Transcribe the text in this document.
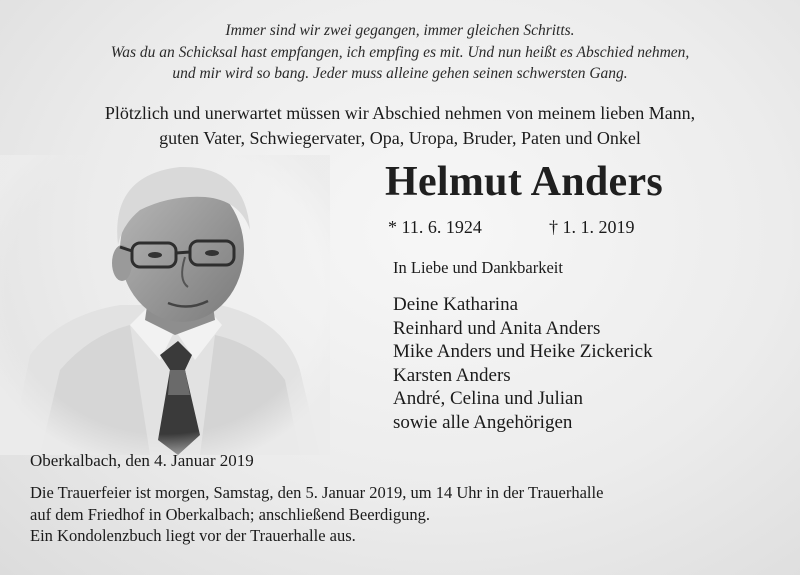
Immer sind wir zwei gegangen, immer gleichen Schritts.
Was du an Schicksal hast empfangen, ich empfing es mit. Und nun heißt es Abschied nehmen,
und mir wird so bang. Jeder muss alleine gehen seinen schwersten Gang.
Plötzlich und unerwartet müssen wir Abschied nehmen von meinem lieben Mann,
guten Vater, Schwiegervater, Opa, Uropa, Bruder, Paten und Onkel
Helmut Anders
* 11. 6. 1924	† 1. 1. 2019
In Liebe und Dankbarkeit
Deine Katharina
Reinhard und Anita Anders
Mike Anders und Heike Zickerick
Karsten Anders
André, Celina und Julian
sowie alle Angehörigen
Oberkalbach, den 4. Januar 2019
Die Trauerfeier ist morgen, Samstag, den 5. Januar 2019, um 14 Uhr in der Trauerhalle
auf dem Friedhof in Oberkalbach; anschließend Beerdigung.
Ein Kondolenzbuch liegt vor der Trauerhalle aus.
